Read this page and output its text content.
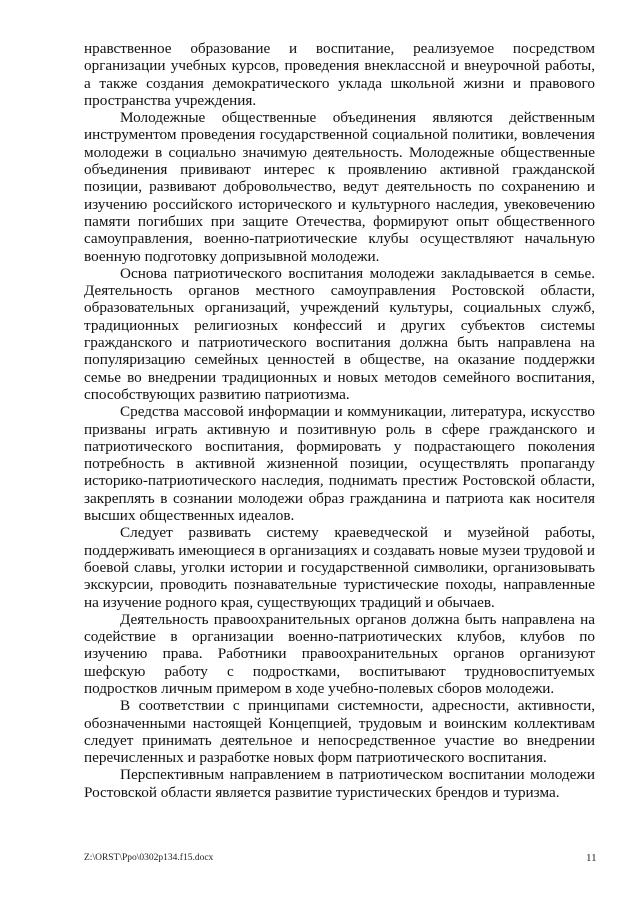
нравственное образование и воспитание, реализуемое посредством организации учебных курсов, проведения внеклассной и внеурочной работы, а также создания демократического уклада школьной жизни и правового пространства учреждения.

Молодежные общественные объединения являются действенным инструментом проведения государственной социальной политики, вовлечения молодежи в социально значимую деятельность. Молодежные общественные объединения прививают интерес к проявлению активной гражданской позиции, развивают добровольчество, ведут деятельность по сохранению и изучению российского исторического и культурного наследия, увековечению памяти погибших при защите Отечества, формируют опыт общественного самоуправления, военно-патриотические клубы осуществляют начальную военную подготовку допризывной молодежи.

Основа патриотического воспитания молодежи закладывается в семье. Деятельность органов местного самоуправления Ростовской области, образовательных организаций, учреждений культуры, социальных служб, традиционных религиозных конфессий и других субъектов системы гражданского и патриотического воспитания должна быть направлена на популяризацию семейных ценностей в обществе, на оказание поддержки семье во внедрении традиционных и новых методов семейного воспитания, способствующих развитию патриотизма.

Средства массовой информации и коммуникации, литература, искусство призваны играть активную и позитивную роль в сфере гражданского и патриотического воспитания, формировать у подрастающего поколения потребность в активной жизненной позиции, осуществлять пропаганду историко-патриотического наследия, поднимать престиж Ростовской области, закреплять в сознании молодежи образ гражданина и патриота как носителя высших общественных идеалов.

Следует развивать систему краеведческой и музейной работы, поддерживать имеющиеся в организациях и создавать новые музеи трудовой и боевой славы, уголки истории и государственной символики, организовывать экскурсии, проводить познавательные туристические походы, направленные на изучение родного края, существующих традиций и обычаев.

Деятельность правоохранительных органов должна быть направлена на содействие в организации военно-патриотических клубов, клубов по изучению права. Работники правоохранительных органов организуют шефскую работу с подростками, воспитывают трудновоспитуемых подростков личным примером в ходе учебно-полевых сборов молодежи.

В соответствии с принципами системности, адресности, активности, обозначенными настоящей Концепцией, трудовым и воинским коллективам следует принимать деятельное и непосредственное участие во внедрении перечисленных и разработке новых форм патриотического воспитания.

Перспективным направлением в патриотическом воспитании молодежи Ростовской области является развитие туристических брендов и туризма.

Z:\ORST\Ppo\0302p134.f15.docx	11
